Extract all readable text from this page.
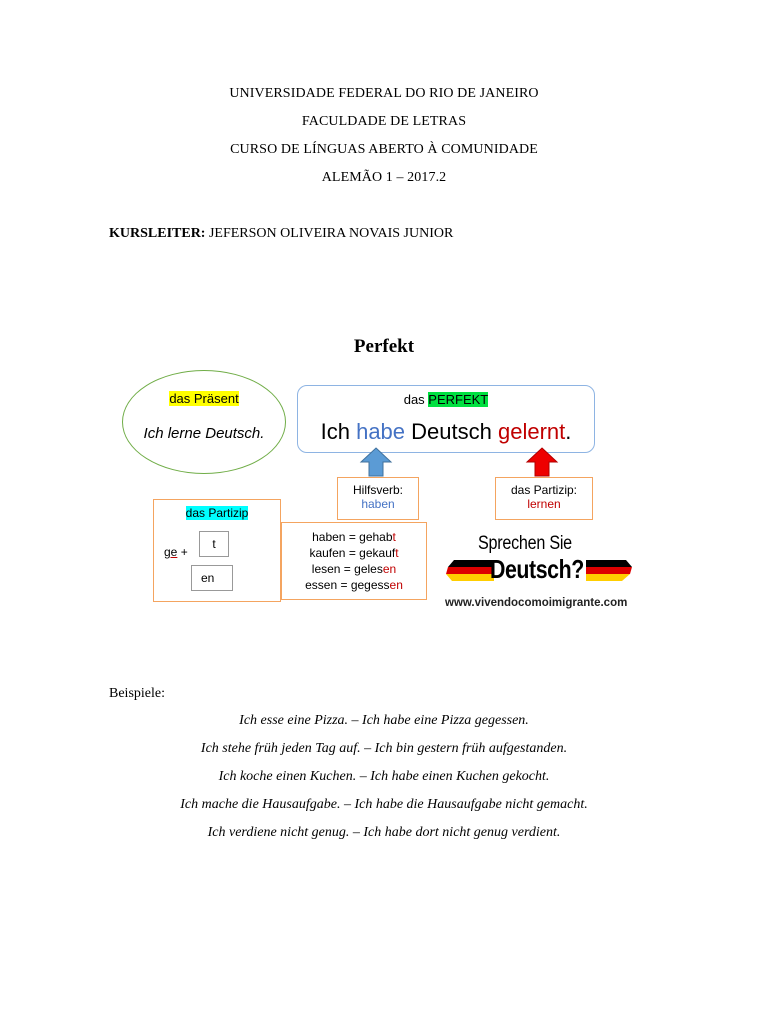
UNIVERSIDADE FEDERAL DO RIO DE JANEIRO
FACULDADE DE LETRAS
CURSO DE LÍNGUAS ABERTO À COMUNIDADE
ALEMÃO 1 – 2017.2
KURSLEITER: JEFERSON OLIVEIRA NOVAIS JUNIOR
Perfekt
das Präsent
Ich lerne Deutsch.
das PERFEKT
Ich habe Deutsch gelernt.
Hilfsverb:
haben
das Partizip:
lernen
das Partizip
ge +
t
en
haben = gehabt
kaufen = gekauft
lesen = gelesen
essen = gegessen
Sprechen Sie
Deutsch?
www.vivendocomoimigrante.com
Beispiele:
Ich esse eine Pizza. – Ich habe eine Pizza gegessen.
Ich stehe früh jeden Tag auf. – Ich bin gestern früh aufgestanden.
Ich koche einen Kuchen. – Ich habe einen Kuchen gekocht.
Ich mache die Hausaufgabe. – Ich habe die Hausaufgabe nicht gemacht.
Ich verdiene nicht genug. – Ich habe dort nicht genug verdient.
